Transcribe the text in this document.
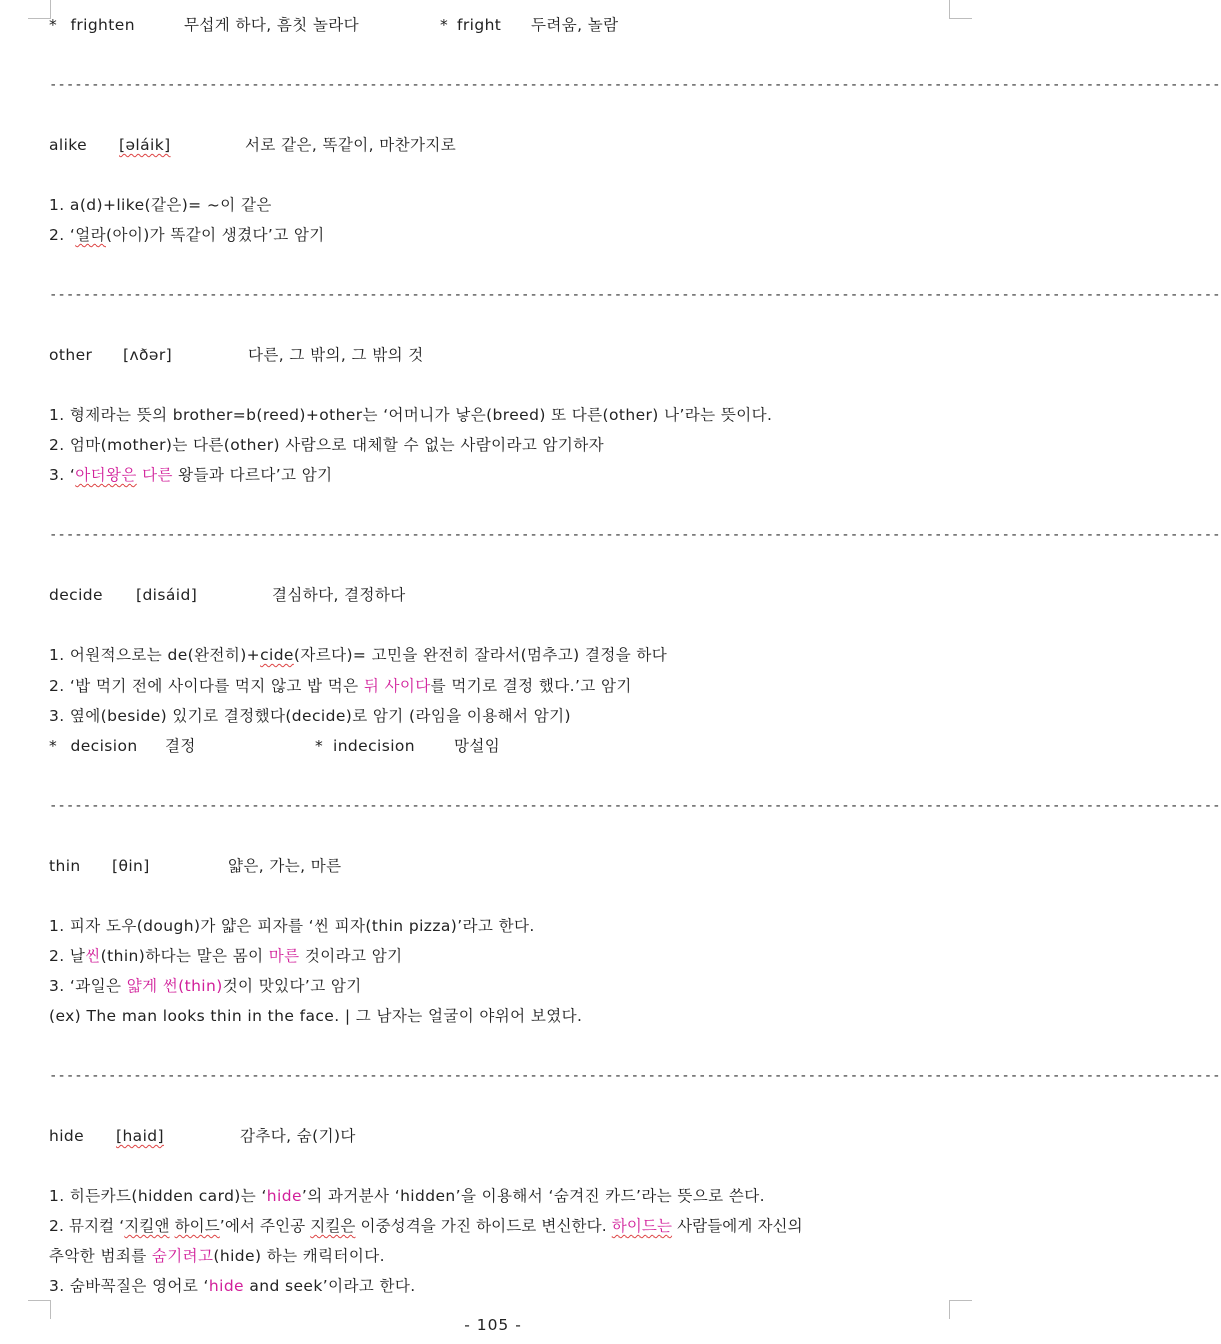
* frighten	무섭게 하다, 흠칫 놀라다	* fright 두려움, 놀람
-------------------------------------------------------------------------------------------------------------------------------------------
alike [əláik]	서로 같은, 똑같이, 마찬가지로
1. a(d)+like(같은)= ~이 같은
2. ‘얼라(아이)가 똑같이 생겼다’고 암기
-------------------------------------------------------------------------------------------------------------------------------------------
other [ʌðər]	다른, 그 밖의, 그 밖의 것
1. 형제라는 뜻의 brother=b(reed)+other는 ‘어머니가 낳은(breed) 또 다른(other) 나’라는 뜻이다.
2. 엄마(mother)는 다른(other) 사람으로 대체할 수 없는 사람이라고 암기하자
3. ‘아더왕은 다른 왕들과 다르다’고 암기
-------------------------------------------------------------------------------------------------------------------------------------------
decide [disáid]	결심하다, 결정하다
1. 어원적으로는 de(완전히)+cide(자르다)= 고민을 완전히 잘라서(멈추고) 결정을 하다
2. ‘밥 먹기 전에 사이다를 먹지 않고 밥 먹은 뒤 사이다를 먹기로 결정 했다.’고 암기
3. 옆에(beside) 있기로 결정했다(decide)로 암기 (라임을 이용해서 암기)
* decision 결정	* indecision	망설임
-------------------------------------------------------------------------------------------------------------------------------------------
thin [θin]	얇은, 가는, 마른
1. 피자 도우(dough)가 얇은 피자를 ‘씬 피자(thin pizza)’라고 한다.
2. 날씬(thin)하다는 말은 몸이 마른 것이라고 암기
3. ‘과일은 얇게 썬(thin)것이 맛있다’고 암기
(ex) The man looks thin in the face. | 그 남자는 얼굴이 야위어 보였다.
-------------------------------------------------------------------------------------------------------------------------------------------
hide [haid]	감추다, 숨(기)다
1. 히든카드(hidden card)는 ‘hide’의 과거분사 ‘hidden’을 이용해서 ‘숨겨진 카드’라는 뜻으로 쓴다.
2. 뮤지컬 ‘지킬앤 하이드’에서 주인공 지킬은 이중성격을 가진 하이드로 변신한다. 하이드는 사람들에게 자신의
추악한 범죄를 숨기려고(hide) 하는 캐릭터이다.
3. 숨바꼭질은 영어로 ‘hide and seek’이라고 한다.
- 105 -
